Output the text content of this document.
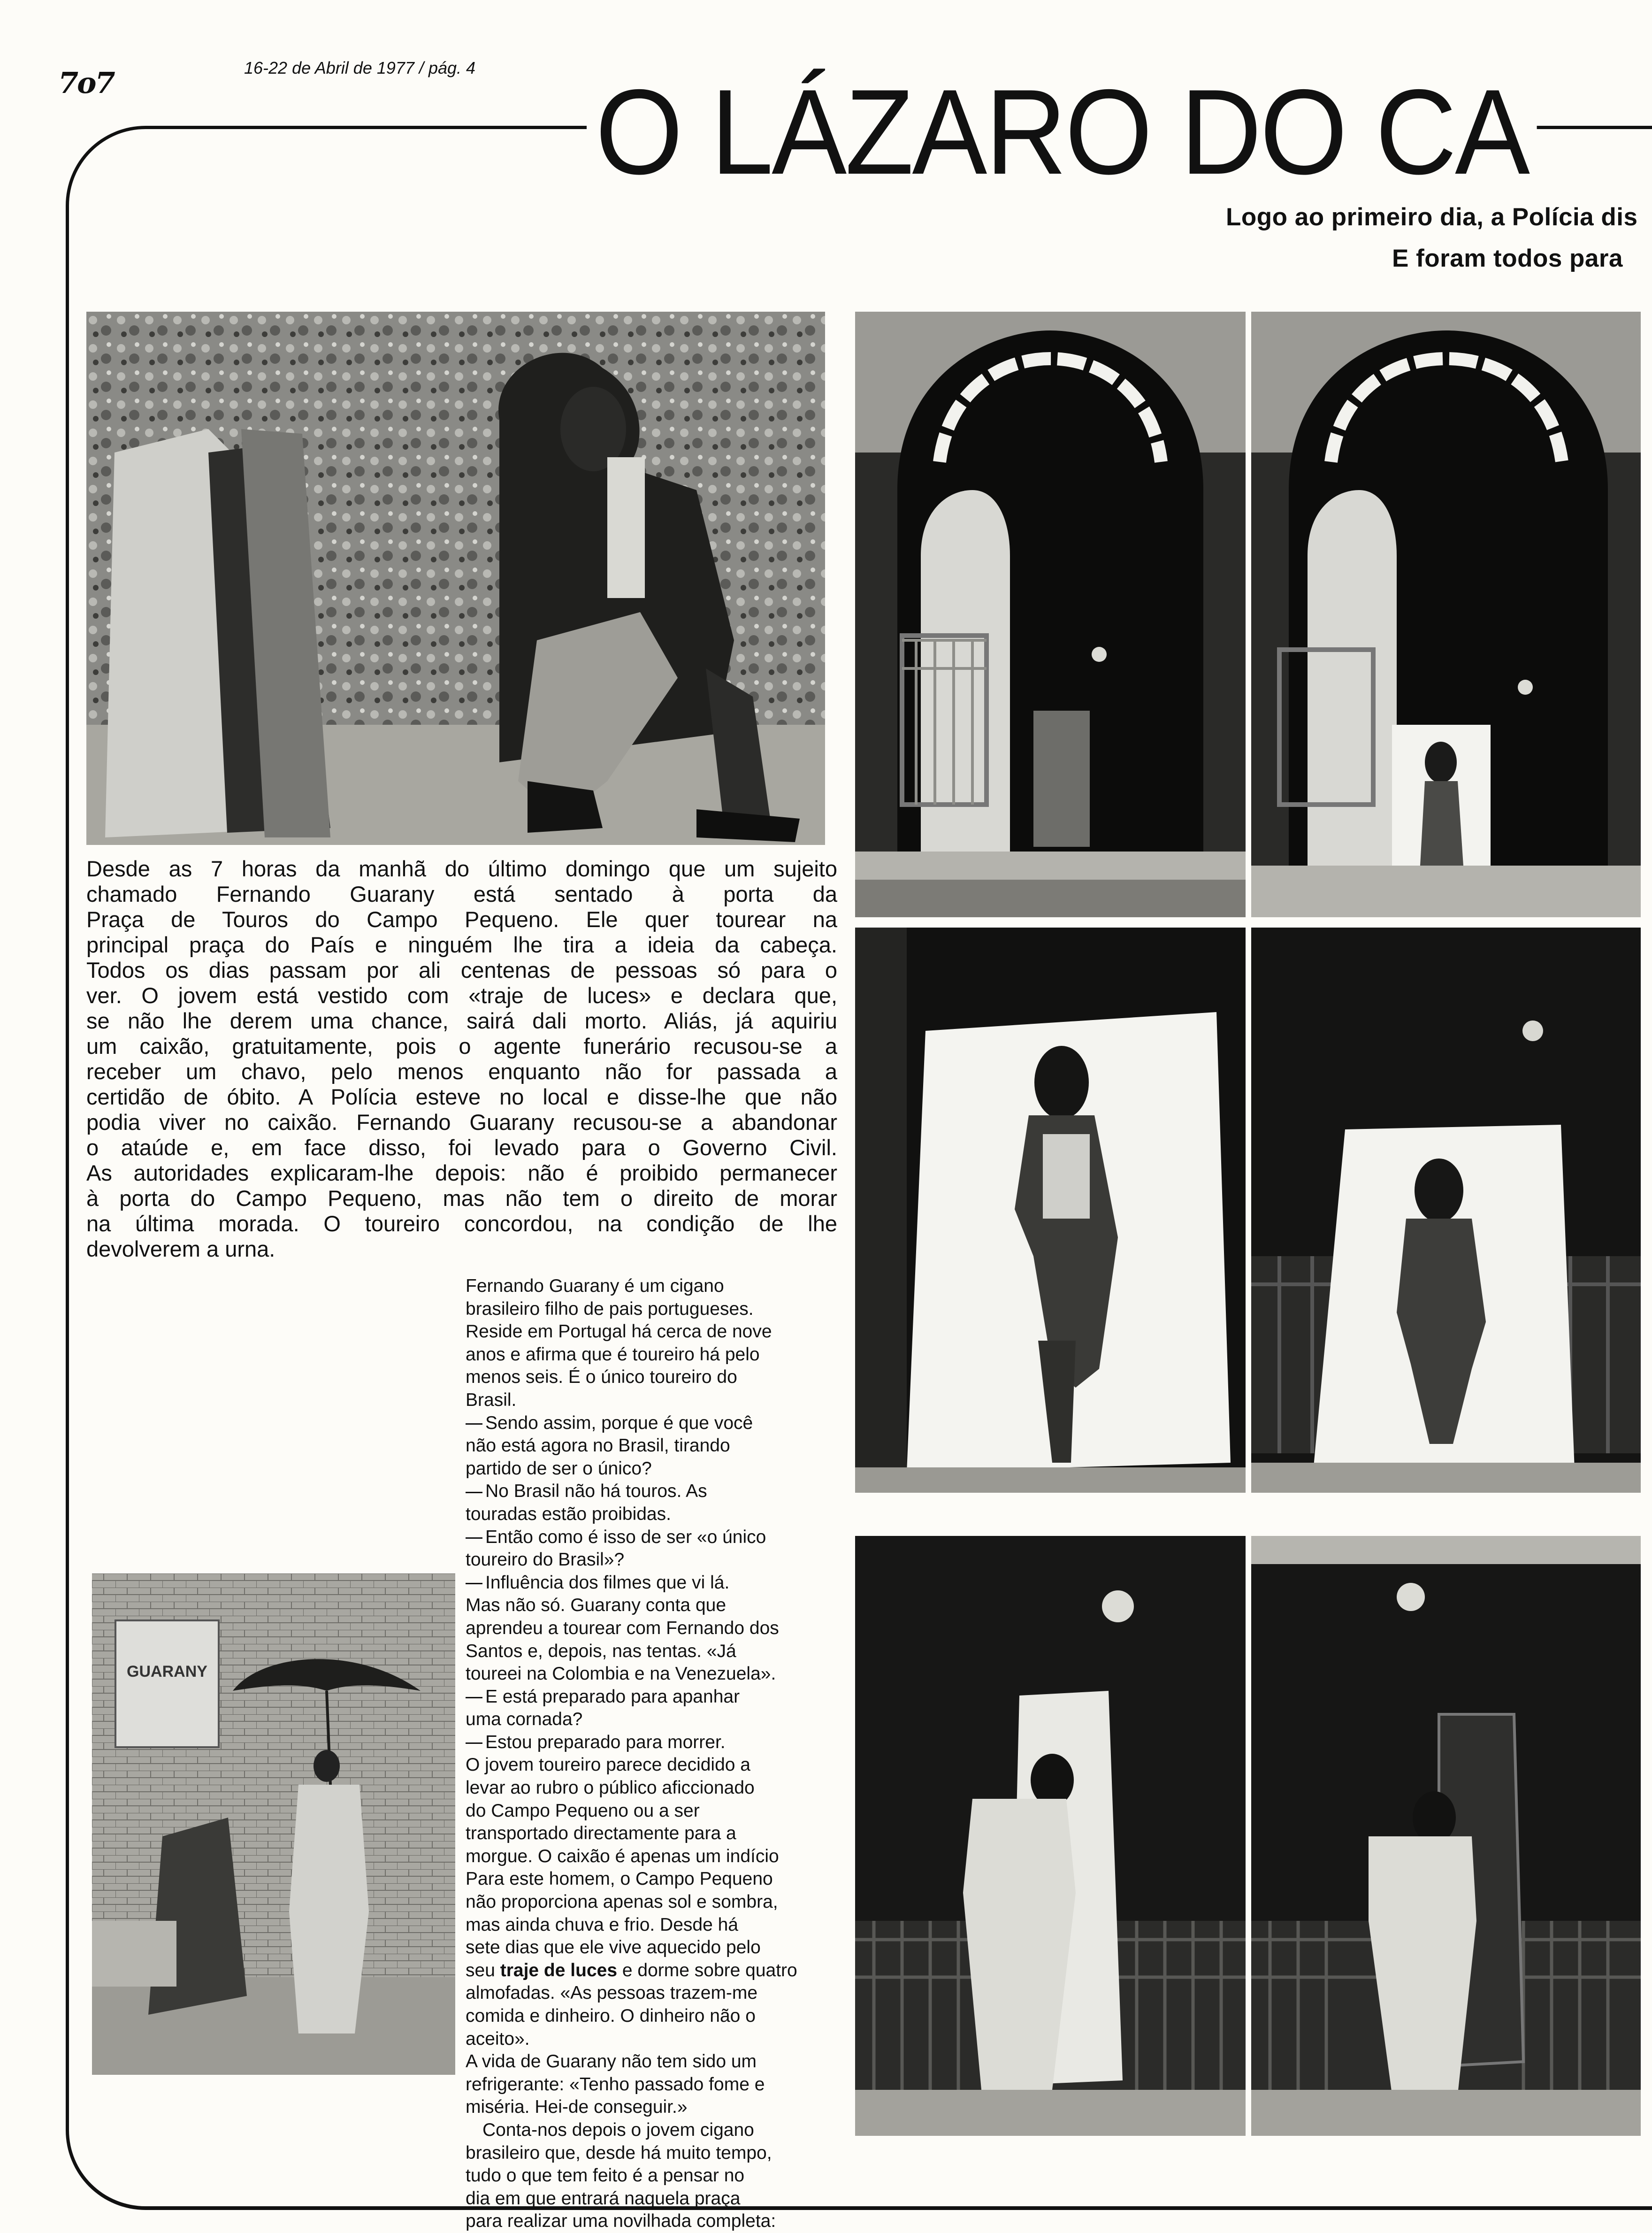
7o7	16-22 de Abril de 1977 / pág. 4 O LÁZARO DO CA
Logo ao primeiro dia, a Polícia dis
E foram todos para
GUARANY

Desde as 7 horas da manhã do último domingo que um sujeito

chamado Fernando Guarany está sentado à porta da

Praça de Touros do Campo Pequeno. Ele quer tourear na

principal praça do País e ninguém lhe tira a ideia da cabeça.

Todos os dias passam por ali centenas de pessoas só para o

ver. O jovem está vestido com «traje de luces» e declara que,

se não lhe derem uma chance, sairá dali morto. Aliás, já aquiriu

um caixão, gratuitamente, pois o agente funerário recusou-se a

receber um chavo, pelo menos enquanto não for passada a

certidão de óbito. A Polícia esteve no local e disse-lhe que não

podia viver no caixão. Fernando Guarany recusou-se a abandonar

o ataúde e, em face disso, foi levado para o Governo Civil.

As autoridades explicaram-lhe depois: não é proibido permanecer

à porta do Campo Pequeno, mas não tem o direito de morar

na última morada. O toureiro concordou, na condição de lhe

devolverem a urna.

Fernando Guarany é um cigano

brasileiro filho de pais portugueses.

Reside em Portugal há cerca de nove

anos e afirma que é toureiro há pelo

menos seis. É o único toureiro do

Brasil.

Sendo assim, porque é que você

não está agora no Brasil, tirando

partido de ser o único?

No Brasil não há touros. As

touradas estão proibidas.

Então como é isso de ser «o único

toureiro do Brasil»?

Influência dos filmes que vi lá.

Mas não só. Guarany conta que

aprendeu a tourear com Fernando dos

Santos e, depois, nas tentas. «Já

toureei na Colombia e na Venezuela».

E está preparado para apanhar

uma cornada?

Estou preparado para morrer.

O jovem toureiro parece decidido a

levar ao rubro o público aficcionado

do Campo Pequeno ou a ser

transportado directamente para a

morgue. O caixão é apenas um indício

Para este homem, o Campo Pequeno

não proporciona apenas sol e sombra,

mas ainda chuva e frio. Desde há

sete dias que ele vive aquecido pelo

seu traje de luces e dorme sobre quatro

almofadas. «As pessoas trazem-me

comida e dinheiro. O dinheiro não o

aceito».

A vida de Guarany não tem sido um

refrigerante: «Tenho passado fome e

miséria. Hei-de conseguir.»

Conta-nos depois o jovem cigano

brasileiro que, desde há muito tempo,

tudo o que tem feito é a pensar no

dia em que entrará naquela praça

para realizar uma novilhada completa:
